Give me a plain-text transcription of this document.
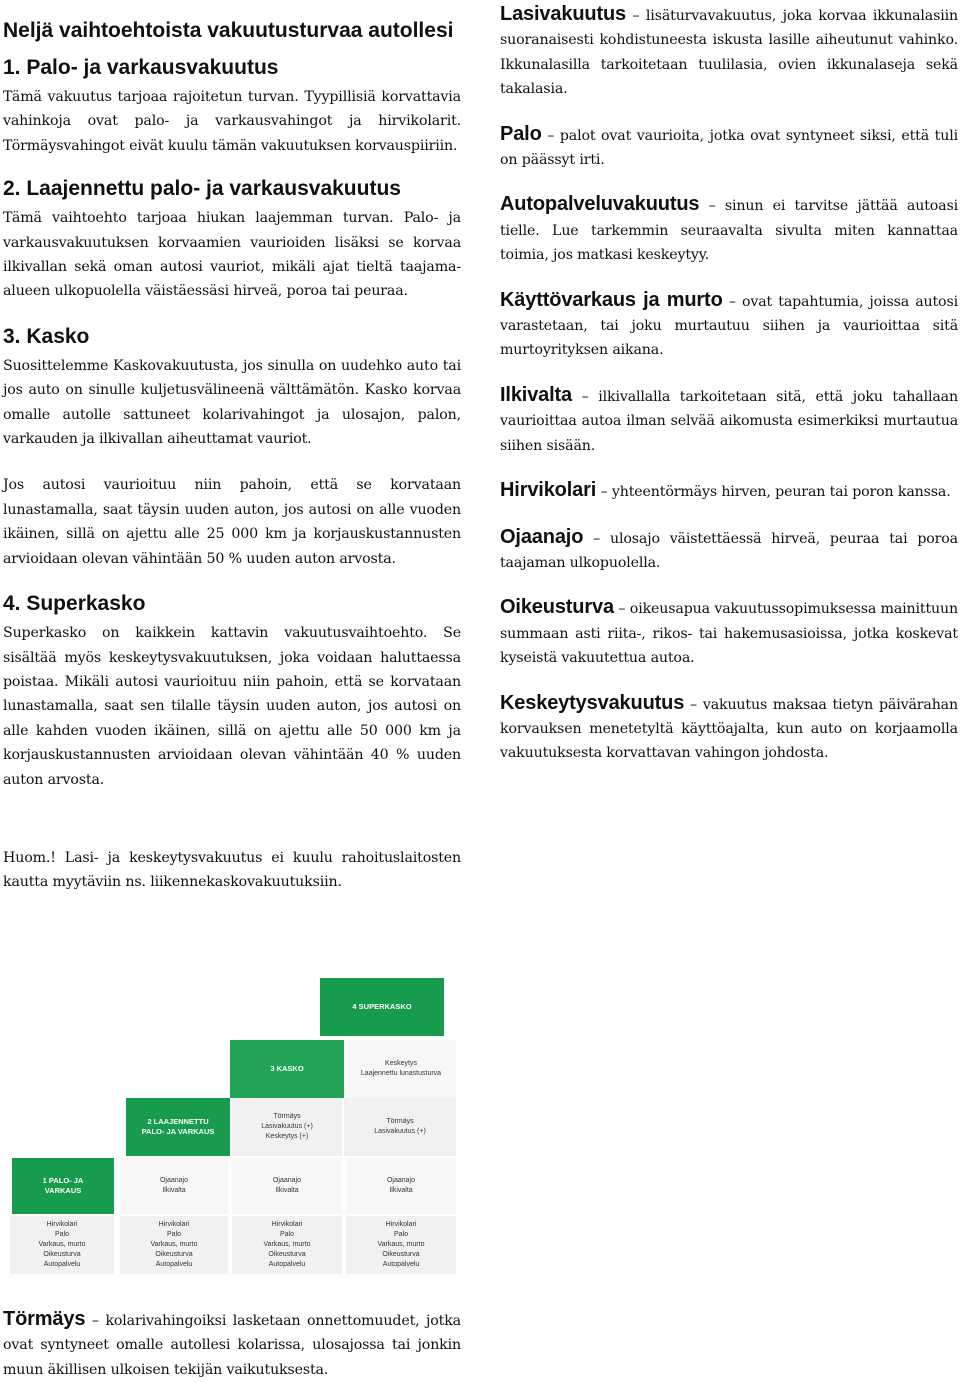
Neljä vaihtoehtoista vakuutusturvaa autollesi
1. Palo- ja varkausvakuutus

Tämä vakuutus tarjoaa rajoitetun turvan. Tyypillisiä korvattavia vahinkoja ovat palo- ja varkausvahingot ja hirvikolarit. Törmäysvahingot eivät kuulu tämän vakuutuksen korvauspiiriin.

2. Laajennettu palo- ja varkausvakuutus

Tämä vaihtoehto tarjoaa hiukan laajemman turvan. Palo- ja varkausvakuutuksen korvaamien vaurioiden lisäksi se korvaa ilkivallan sekä oman autosi vauriot, mikäli ajat tieltä taajama-alueen ulkopuolella väistäessäsi hirveä, poroa tai peuraa.

3. Kasko

Suosittelemme Kaskovakuutusta, jos sinulla on uudehko auto tai jos auto on sinulle kuljetusvälineenä välttämätön. Kasko korvaa omalle autolle sattuneet kolarivahingot ja ulosajon, palon, varkauden ja ilkivallan aiheuttamat vauriot.

Jos autosi vaurioituu niin pahoin, että se korvataan lunastamalla, saat täysin uuden auton, jos autosi on alle vuoden ikäinen, sillä on ajettu alle 25 000 km ja korjauskustannusten arvioidaan olevan vähintään 50 % uuden auton arvosta.

4. Superkasko

Superkasko on kaikkein kattavin vakuutusvaihtoehto. Se sisältää myös keskeytysvakuutuksen, joka voidaan haluttaessa poistaa. Mikäli autosi vaurioituu niin pahoin, että se korvataan lunastamalla, saat sen tilalle täysin uuden auton, jos autosi on alle kahden vuoden ikäinen, sillä on ajettu alle 50 000 km ja korjauskustannusten arvioidaan olevan vähintään 40 % uuden auton arvosta.

Huom.! Lasi- ja keskeytysvakuutus ei kuulu rahoituslaitosten kautta myytäviin ns. liikennekaskovakuutuksiin.

Lasivakuutus – lisäturvavakuutus, joka korvaa ikkunalasiin suoranaisesti kohdistuneesta iskusta lasille aiheutunut vahinko. Ikkunalasilla tarkoitetaan tuulilasia, ovien ikkunalaseja sekä takalasia.

Palo – palot ovat vaurioita, jotka ovat syntyneet siksi, että tuli on päässyt irti.

Autopalveluvakuutus – sinun ei tarvitse jättää autoasi tielle. Lue tarkemmin seuraavalta sivulta miten kannattaa toimia, jos matkasi keskeytyy.

Käyttövarkaus ja murto – ovat tapahtumia, joissa autosi varastetaan, tai joku murtautuu siihen ja vaurioittaa sitä murtoyrityksen aikana.

Ilkivalta – ilkivallalla tarkoitetaan sitä, että joku tahallaan vaurioittaa autoa ilman selvää aikomusta esimerkiksi murtautua siihen sisään.

Hirvikolari – yhteentörmäys hirven, peuran tai poron kanssa.

Ojaanajo – ulosajo väistettäessä hirveä, peuraa tai poroa taajaman ulkopuolella.

Oikeusturva – oikeusapua vakuutussopimuksessa mainittuun summaan asti riita-, rikos- tai hakemusasioissa, jotka koskevat kyseistä vakuutettua autoa.

Keskeytysvakuutus – vakuutus maksaa tietyn päivärahan korvauksen menetetyltä käyttöajalta, kun auto on korjaamolla vakuutuksesta korvattavan vahingon johdosta.

4 SUPERKASKO
3 KASKO
Keskeytys
Laajennettu lunastusturva
2 LAAJENNETTU
PALO- JA VARKAUS
Törmäys
Lasivakuutus (+)
Keskeytys (+)
Törmäys
Lasivakuutus (+)
1 PALO- JA
VARKAUS
Ojaanajo
Ilkivalta
Ojaanajo
Ilkivalta
Ojaanajo
Ilkivalta
Hirvikolari
Palo
Varkaus, murto
Oikeusturva
Autopalvelu
Hirvikolari
Palo
Varkaus, murto
Oikeusturva
Autopalvelu
Hirvikolari
Palo
Varkaus, murto
Oikeusturva
Autopalvelu
Hirvikolari
Palo
Varkaus, murto
Oikeusturva
Autopalvelu

Törmäys – kolarivahingoiksi lasketaan onnettomuudet, jotka ovat syntyneet omalle autollesi kolarissa, ulosajossa tai jonkin muun äkillisen ulkoisen tekijän vaikutuksesta.
